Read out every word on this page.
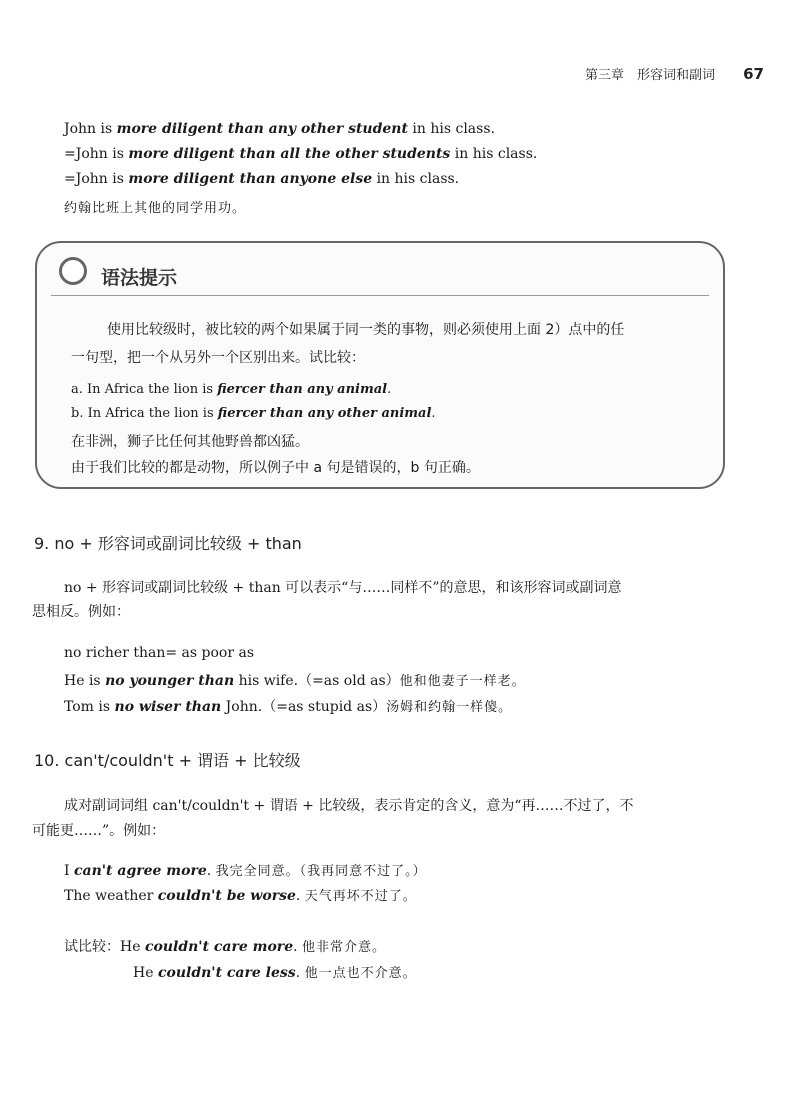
第三章　形容词和副词 67
John is more diligent than any other student in his class.
=John is more diligent than all the other students in his class.
=John is more diligent than anyone else in his class.
约翰比班上其他的同学用功。
语法提示
使用比较级时，被比较的两个如果属于同一类的事物，则必须使用上面 2）点中的任
一句型，把一个从另外一个区别出来。试比较：
a. In Africa the lion is fiercer than any animal.
b. In Africa the lion is fiercer than any other animal.
在非洲，狮子比任何其他野兽都凶猛。
由于我们比较的都是动物，所以例子中 a 句是错误的，b 句正确。
9. no + 形容词或副词比较级 + than
no + 形容词或副词比较级 + than 可以表示“与……同样不”的意思，和该形容词或副词意
思相反。例如：
no richer than= as poor as
He is no younger than his wife.（=as old as）他和他妻子一样老。
Tom is no wiser than John.（=as stupid as）汤姆和约翰一样傻。
10. can't/couldn't + 谓语 + 比较级
成对副词词组 can't/couldn't + 谓语 + 比较级，表示肯定的含义，意为“再……不过了，不
可能更……”。例如：
I can't agree more. 我完全同意。（我再同意不过了。）
The weather couldn't be worse. 天气再坏不过了。
试比较：He couldn't care more. 他非常介意。
He couldn't care less. 他一点也不介意。
